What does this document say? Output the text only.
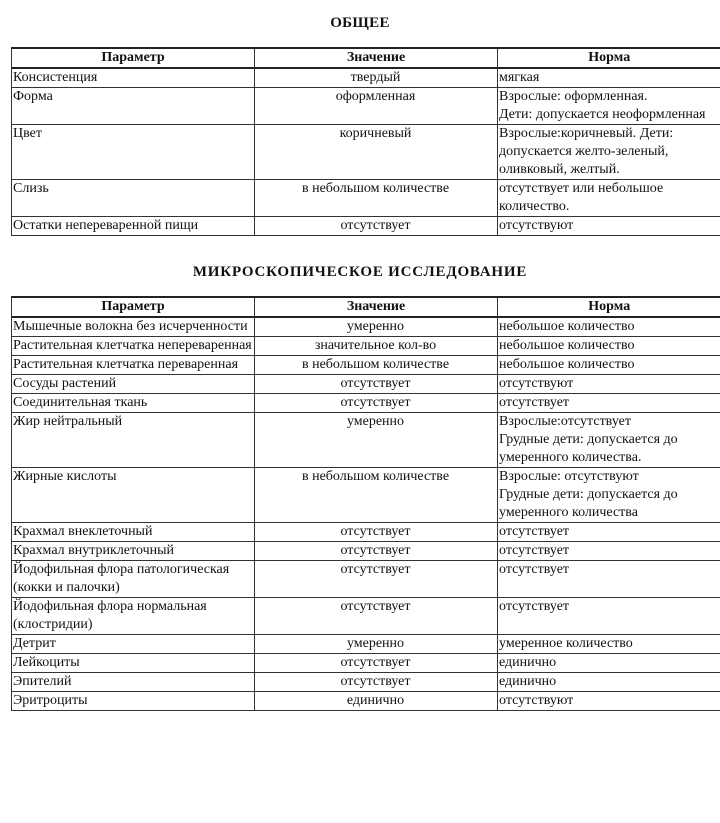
ОБЩЕЕ
Параметр	Значение	Норма
Консистенция	твердый	мягкая

Форма	оформленная	Взрослые: оформленная.
Дети: допускается неоформленная

Цвет	коричневый	Взрослые:коричневый. Дети:
допускается желто-зеленый,
оливковый, желтый.

Слизь	в небольшом количестве	отсутствует или небольшое
количество.

Остатки непереваренной пищи	отсутствует	отсутствуют
МИКРОСКОПИЧЕСКОЕ ИССЛЕДОВАНИЕ
Параметр	Значение	Норма
Мышечные волокна без исчерченности	умеренно	небольшое количество

Растительная клетчатка непереваренная	значительное кол-во	небольшое количество

Растительная клетчатка переваренная	в небольшом количестве	небольшое количество

Сосуды растений	отсутствует	отсутствуют

Соединительная ткань	отсутствует	отсутствует

Жир нейтральный	умеренно	Взрослые:отсутствует
Грудные дети: допускается до
умеренного количества.

Жирные кислоты	в небольшом количестве	Взрослые: отсутствуют
Грудные дети: допускается до
умеренного количества

Крахмал внеклеточный	отсутствует	отсутствует

Крахмал внутриклеточный	отсутствует	отсутствует

Йодофильная флора патологическая (кокки и палочки)	отсутствует	отсутствует

Йодофильная флора нормальная (клостридии)	отсутствует	отсутствует

Детрит	умеренно	умеренное количество

Лейкоциты	отсутствует	единично

Эпителий	отсутствует	единично

Эритроциты	единично	отсутствуют
